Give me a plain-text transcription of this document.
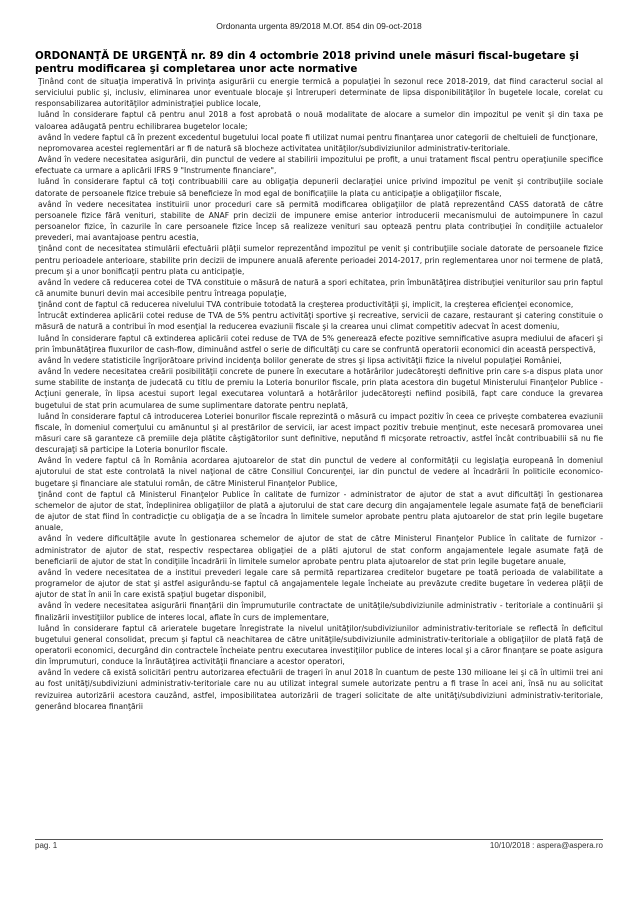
Ordonanta urgenta 89/2018 M.Of. 854 din 09-oct-2018
ORDONANŢĂ DE URGENŢĂ nr. 89 din 4 octombrie 2018 privind unele măsuri fiscal-bugetare şi pentru modificarea şi completarea unor acte normative

Ţinând cont de situaţia imperativă în privinţa asigurării cu energie termică a populaţiei în sezonul rece 2018-2019, dat fiind caracterul social al serviciului public şi, inclusiv, eliminarea unor eventuale blocaje şi întreruperi determinate de lipsa disponibilităţilor în bugetele locale, corelat cu responsabilizarea autorităţilor administraţiei publice locale,

luând în considerare faptul că pentru anul 2018 a fost aprobată o nouă modalitate de alocare a sumelor din impozitul pe venit şi din taxa pe valoarea adăugată pentru echilibrarea bugetelor locale;

având în vedere faptul că în prezent excedentul bugetului local poate fi utilizat numai pentru finanţarea unor categorii de cheltuieli de funcţionare,

nepromovarea acestei reglementări ar fi de natură să blocheze activitatea unităţilor/subdiviziunilor administrativ-teritoriale.

Având în vedere necesitatea asigurării, din punctul de vedere al stabilirii impozitului pe profit, a unui tratament fiscal pentru operaţiunile specifice efectuate ca urmare a aplicării IFRS 9 "Instrumente financiare",

luând în considerare faptul că toţi contribuabilii care au obligaţia depunerii declaraţiei unice privind impozitul pe venit şi contribuţiile sociale datorate de persoanele fizice trebuie să beneficieze în mod egal de bonificaţiile la plata cu anticipaţie a obligaţiilor fiscale,

având în vedere necesitatea instituirii unor proceduri care să permită modificarea obligaţiilor de plată reprezentând CASS datorată de către persoanele fizice fără venituri, stabilite de ANAF prin decizii de impunere emise anterior introducerii mecanismului de autoimpunere în cazul persoanelor fizice, în cazurile în care persoanele fizice încep să realizeze venituri sau optează pentru plata contribuţiei în condiţiile actualelor prevederi, mai avantajoase pentru acestia,

ţinând cont de necesitatea stimulării efectuării plăţii sumelor reprezentând impozitul pe venit şi contribuţiile sociale datorate de persoanele fizice pentru perioadele anterioare, stabilite prin decizii de impunere anuală aferente perioadei 2014-2017, prin reglementarea unor noi termene de plată, precum şi a unor bonificaţii pentru plata cu anticipaţie,

având în vedere că reducerea cotei de TVA constituie o măsură de natură a spori echitatea, prin îmbunătăţirea distribuţiei veniturilor sau prin faptul că anumite bunuri devin mai accesibile pentru întreaga populaţie,

ţinând cont de faptul că reducerea nivelului TVA contribuie totodată la creşterea productivităţii şi, implicit, la creşterea eficienţei economice,

întrucât extinderea aplicării cotei reduse de TVA de 5% pentru activităţi sportive şi recreative, servicii de cazare, restaurant şi catering constituie o măsură de natură a contribui în mod esenţial la reducerea evaziunii fiscale şi la crearea unui climat competitiv adecvat în acest domeniu,

luând în considerare faptul că extinderea aplicării cotei reduse de TVA de 5% generează efecte pozitive semnificative asupra mediului de afaceri şi prin îmbunătăţirea fluxurilor de cash-flow, diminuând astfel o serie de dificultăţi cu care se confruntă operatorii economici din această perspectivă,

având în vedere statisticile îngrijorătoare privind incidenţa bolilor generate de stres şi lipsa activităţii fizice la nivelul populaţiei României,

având în vedere necesitatea creării posibilităţii concrete de punere în executare a hotărârilor judecătoreşti definitive prin care s-a dispus plata unor sume stabilite de instanţa de judecată cu titlu de premiu la Loteria bonurilor fiscale, prin plata acestora din bugetul Ministerului Finanţelor Publice - Acţiuni generale, în lipsa acestui suport legal executarea voluntară a hotărârilor judecătoreşti nefiind posibilă, fapt care conduce la grevarea bugetului de stat prin acumularea de sume suplimentare datorate pentru neplată,

luând în considerare faptul că introducerea Loteriei bonurilor fiscale reprezintă o măsură cu impact pozitiv în ceea ce priveşte combaterea evaziunii fiscale, în domeniul comerţului cu amănuntul şi al prestărilor de servicii, iar acest impact pozitiv trebuie menţinut, este necesară promovarea unei măsuri care să garanteze că premiile deja plătite câştigătorilor sunt definitive, neputând fi micşorate retroactiv, astfel încât contribuabilii să nu fie descurajaţi să participe la Loteria bonurilor fiscale.

Având în vedere faptul că în România acordarea ajutoarelor de stat din punctul de vedere al conformităţii cu legislaţia europeană în domeniul ajutorului de stat este controlată la nivel naţional de către Consiliul Concurenţei, iar din punctul de vedere al încadrării în politicile economico-bugetare şi financiare ale statului român, de către Ministerul Finanţelor Publice,

ţinând cont de faptul că Ministerul Finanţelor Publice în calitate de furnizor - administrator de ajutor de stat a avut dificultăţi în gestionarea schemelor de ajutor de stat, îndeplinirea obligaţiilor de plată a ajutorului de stat care decurg din angajamentele legale asumate faţă de beneficiarii de ajutor de stat fiind în contradicţie cu obligaţia de a se încadra în limitele sumelor aprobate pentru plata ajutoarelor de stat prin legile bugetare anuale,

având în vedere dificultăţile avute în gestionarea schemelor de ajutor de stat de către Ministerul Finanţelor Publice în calitate de furnizor - administrator de ajutor de stat, respectiv respectarea obligaţiei de a plăti ajutorul de stat conform angajamentele legale asumate faţă de beneficiarii de ajutor de stat în condiţiile încadrării în limitele sumelor aprobate pentru plata ajutoarelor de stat prin legile bugetare anuale,

având în vedere necesitatea de a institui prevederi legale care să permită repartizarea creditelor bugetare pe toată perioada de valabilitate a programelor de ajutor de stat şi astfel asigurându-se faptul că angajamentele legale încheiate au prevăzute credite bugetare în vederea plăţii de ajutor de stat în anii în care există spaţiul bugetar disponibil,

având în vedere necesitatea asigurării finanţării din împrumuturile contractate de unităţile/subdiviziunile administrativ - teritoriale a continuării şi finalizării investiţiilor publice de interes local, aflate în curs de implementare,

luând în considerare faptul că arieratele bugetare înregistrate la nivelul unităţilor/subdiviziunilor administrativ-teritoriale se reflectă în deficitul bugetului general consolidat, precum şi faptul că neachitarea de către unităţile/subdiviziunile administrativ-teritoriale a obligaţiilor de plată faţă de operatorii economici, decurgând din contractele încheiate pentru executarea investiţiilor publice de interes local şi a căror finanţare se poate asigura din împrumuturi, conduce la înrăutăţirea activităţii financiare a acestor operatori,

având în vedere că există solicitări pentru autorizarea efectuării de trageri în anul 2018 în cuantum de peste 130 milioane lei şi că în ultimii trei ani au fost unităţi/subdiviziuni administrativ-teritoriale care nu au utilizat integral sumele autorizate pentru a fi trase în acei ani, însă nu au solicitat revizuirea autorizării acestora cauzând, astfel, imposibilitatea autorizării de trageri solicitate de alte unităţi/subdiviziuni administrativ-teritoriale, generând blocarea finanţării

pag. 1	10/10/2018 : aspera@aspera.ro
